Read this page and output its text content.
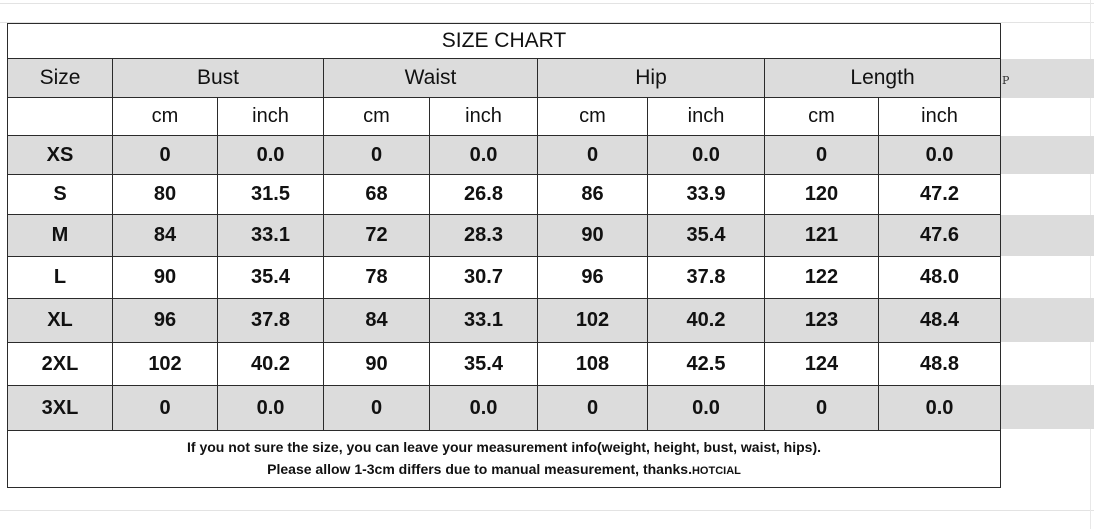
P
SIZE CHART								
Size	Bust		Waist		Hip		Length	
	cm	inch	cm	inch	cm	inch	cm	inch
XS	0	0.0	0	0.0	0	0.0	0	0.0
S	80	31.5	68	26.8	86	33.9	120	47.2
M	84	33.1	72	28.3	90	35.4	121	47.6
L	90	35.4	78	30.7	96	37.8	122	48.0
XL	96	37.8	84	33.1	102	40.2	123	48.4
2XL	102	40.2	90	35.4	108	42.5	124	48.8
3XL	0	0.0	0	0.0	0	0.0	0	0.0

If you not sure the size, you can leave your measurement info(weight, height, bust, waist, hips).
Please allow 1-3cm differs due to manual measurement, thanks.HOTCIAL								
